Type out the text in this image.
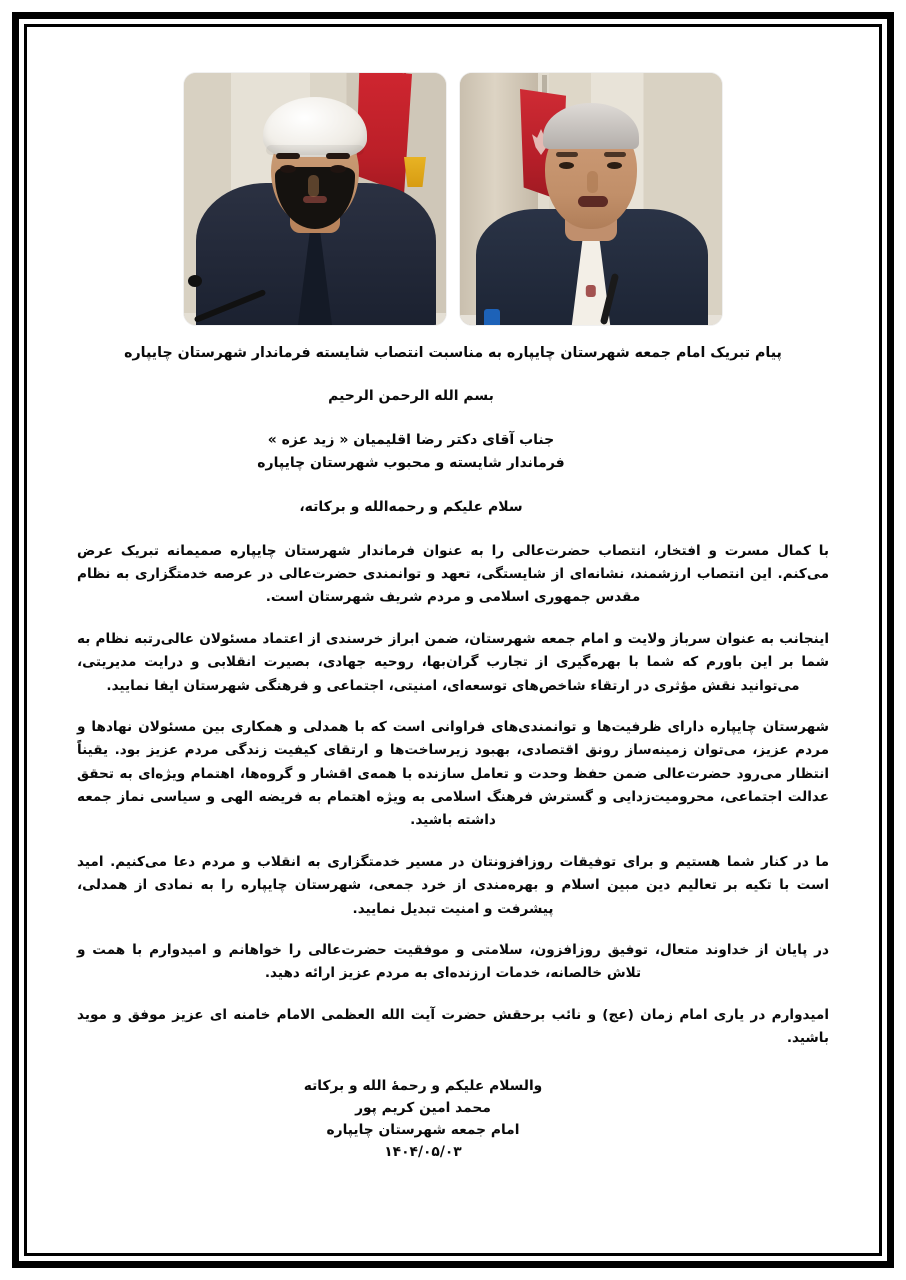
پیام تبریک امام جمعه شهرستان چایپاره به مناسبت انتصاب شایسته فرماندار شهرستان چایپاره
بسم الله الرحمن الرحیم
جناب آقای دکتر رضا اقلیمیان « زید عزه »
فرماندار شایسته و محبوب شهرستان چایپاره
سلام علیکم و رحمه‌الله و برکاته،

با کمال مسرت و افتخار، انتصاب حضرت‌عالی را به عنوان فرماندار شهرستان چایپاره صمیمانه تبریک عرض می‌کنم. این انتصاب ارزشمند، نشانه‌ای از شایستگی، تعهد و توانمندی حضرت‌عالی در عرصه خدمتگزاری به نظام مقدس جمهوری اسلامی و مردم شریف شهرستان است.

اینجانب به عنوان سرباز ولایت و امام جمعه شهرستان، ضمن ابراز خرسندی از اعتماد مسئولان عالی‌رتبه نظام به شما بر این باورم که شما با بهره‌گیری از تجارب گران‌بها، روحیه جهادی، بصیرت انقلابی و درایت مدیریتی، می‌توانید نقش مؤثری در ارتقاء شاخص‌های توسعه‌ای، امنیتی، اجتماعی و فرهنگی شهرستان ایفا نمایید.

شهرستان چایپاره دارای ظرفیت‌ها و توانمندی‌های فراوانی است که با همدلی و همکاری بین مسئولان نهادها و مردم عزیز، می‌توان زمینه‌ساز رونق اقتصادی، بهبود زیرساخت‌ها و ارتقای کیفیت زندگی مردم عزیز بود. یقیناً انتظار می‌رود حضرت‌عالی ضمن حفظ وحدت و تعامل سازنده با همه‌ی اقشار و گروه‌ها، اهتمام ویژه‌ای به تحقق عدالت اجتماعی، محرومیت‌زدایی و گسترش فرهنگ اسلامی به ویژه اهتمام به فریضه الهی و سیاسی نماز جمعه داشته باشید.

ما در کنار شما هستیم و برای توفیقات روزافزونتان در مسیر خدمتگزاری به انقلاب و مردم دعا می‌کنیم. امید است با تکیه بر تعالیم دین مبین اسلام و بهره‌مندی از خرد جمعی، شهرستان چایپاره را به نمادی از همدلی، پیشرفت و امنیت تبدیل نمایید.

در پایان از خداوند متعال، توفیق روزافزون، سلامتی و موفقیت حضرت‌عالی را خواهانم و امیدوارم با همت و تلاش خالصانه، خدمات ارزنده‌ای به مردم عزیز ارائه دهید.

امیدوارم در یاری امام زمان (عج) و نائب برحقش حضرت آیت الله العظمی الامام خامنه ای عزیز موفق و موید باشید.

والسلام علیکم و رحمهٔ الله و برکاته
محمد امین کریم پور
امام جمعه شهرستان چایپاره
۱۴۰۴/۰۵/۰۳
